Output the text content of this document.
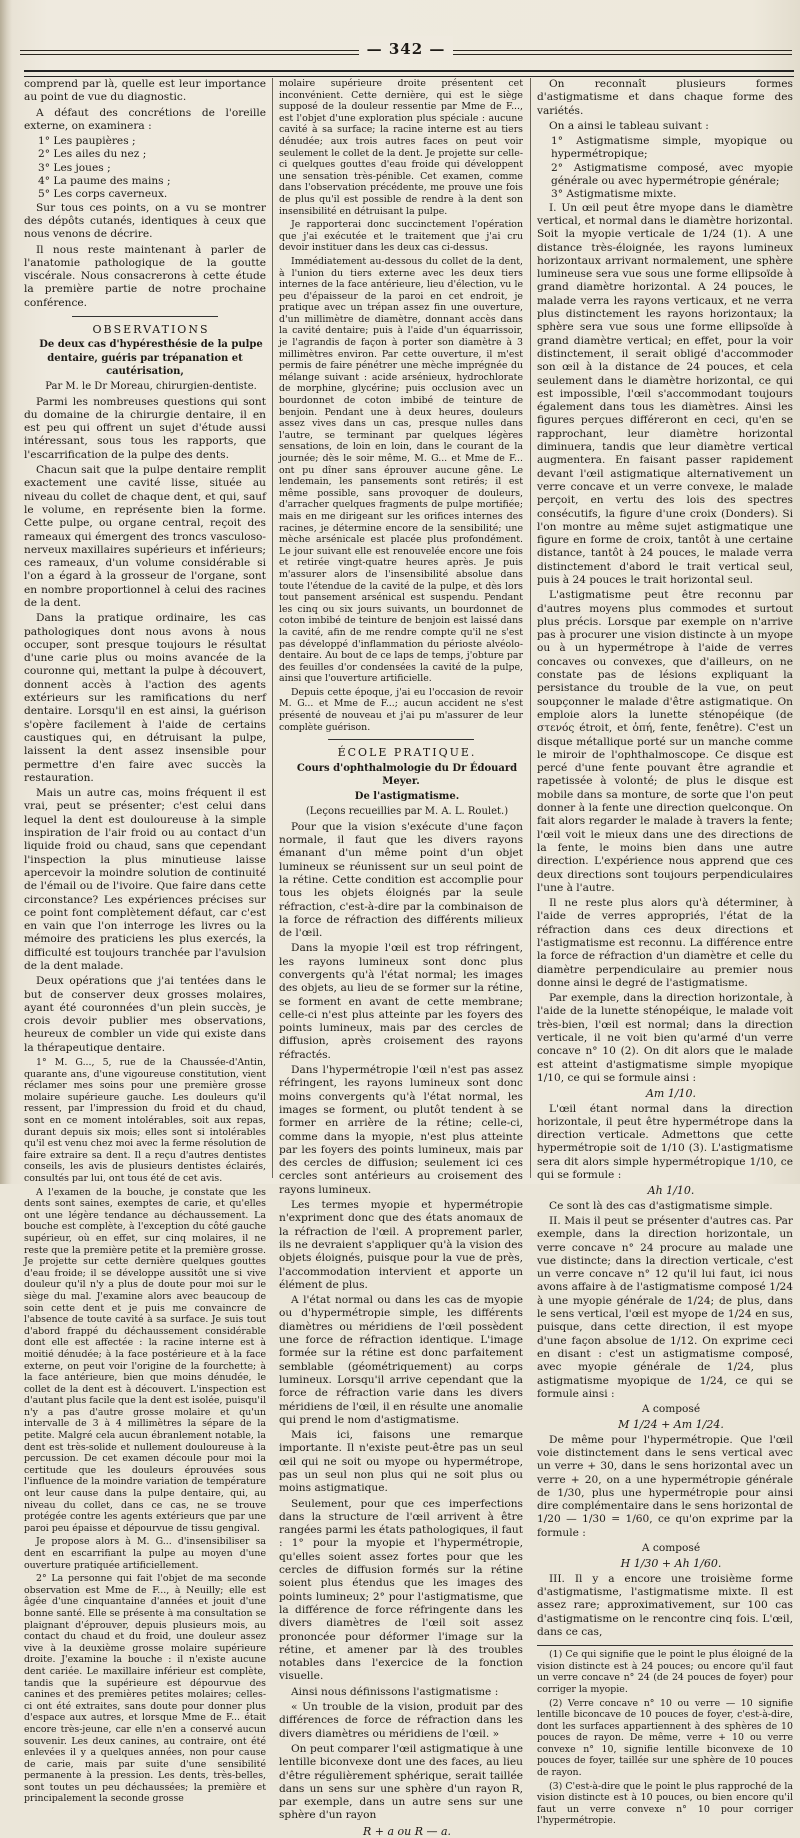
— 342 —

comprend par là, quelle est leur importance au point de vue du diagnostic.

A défaut des concrétions de l'oreille externe, on examinera :

1° Les paupières ;

2° Les ailes du nez ;

3° Les joues ;

4° La paume des mains ;

5° Les corps caverneux.

Sur tous ces points, on a vu se montrer des dépôts cutanés, identiques à ceux que nous venons de décrire.

Il nous reste maintenant à parler de l'anatomie pathologique de la goutte viscérale. Nous consacrerons à cette étude la première partie de notre prochaine conférence.

OBSERVATIONS

De deux cas d'hypéresthésie de la pulpe dentaire, guéris par trépanation et cautérisation,

Par M. le Dr Moreau, chirurgien-dentiste.

Parmi les nombreuses questions qui sont du domaine de la chirurgie dentaire, il en est peu qui offrent un sujet d'étude aussi intéressant, sous tous les rapports, que l'escarrification de la pulpe des dents.

Chacun sait que la pulpe dentaire remplit exactement une cavité lisse, située au niveau du collet de chaque dent, et qui, sauf le volume, en représente bien la forme. Cette pulpe, ou organe central, reçoit des rameaux qui émergent des troncs vasculoso-nerveux maxillaires supérieurs et inférieurs; ces rameaux, d'un volume considérable si l'on a égard à la grosseur de l'organe, sont en nombre proportionnel à celui des racines de la dent.

Dans la pratique ordinaire, les cas pathologiques dont nous avons à nous occuper, sont presque toujours le résultat d'une carie plus ou moins avancée de la couronne qui, mettant la pulpe à découvert, donnent accès à l'action des agents extérieurs sur les ramifications du nerf dentaire. Lorsqu'il en est ainsi, la guérison s'opère facilement à l'aide de certains caustiques qui, en détruisant la pulpe, laissent la dent assez insensible pour permettre d'en faire avec succès la restauration.

Mais un autre cas, moins fréquent il est vrai, peut se présenter; c'est celui dans lequel la dent est douloureuse à la simple inspiration de l'air froid ou au contact d'un liquide froid ou chaud, sans que cependant l'inspection la plus minutieuse laisse apercevoir la moindre solution de continuité de l'émail ou de l'ivoire. Que faire dans cette circonstance? Les expériences précises sur ce point font complètement défaut, car c'est en vain que l'on interroge les livres ou la mémoire des praticiens les plus exercés, la difficulté est toujours tranchée par l'avulsion de la dent malade.

Deux opérations que j'ai tentées dans le but de conserver deux grosses molaires, ayant été couronnées d'un plein succès, je crois devoir publier mes observations, heureux de combler un vide qui existe dans la thérapeutique dentaire.

1° M. G..., 5, rue de la Chaussée-d'Antin, quarante ans, d'une vigoureuse constitution, vient réclamer mes soins pour une première grosse molaire supérieure gauche. Les douleurs qu'il ressent, par l'impression du froid et du chaud, sont en ce moment intolérables, soit aux repas, durant depuis six mois; elles sont si intolérables qu'il est venu chez moi avec la ferme résolution de faire extraire sa dent. Il a reçu d'autres dentistes conseils, les avis de plusieurs dentistes éclairés, consultés par lui, ont tous été de cet avis.

A l'examen de la bouche, je constate que les dents sont saines, exemptes de carie, et qu'elles ont une légère tendance au déchaussement. La bouche est complète, à l'exception du côté gauche supérieur, où en effet, sur cinq molaires, il ne reste que la première petite et la première grosse. Je projette sur cette dernière quelques gouttes d'eau froide; il se développe aussitôt une si vive douleur qu'il n'y a plus de doute pour moi sur le siège du mal. J'examine alors avec beaucoup de soin cette dent et je puis me convaincre de l'absence de toute cavité à sa surface. Je suis tout d'abord frappé du déchaussement considérable dont elle est affectée : la racine interne est à moitié dénudée; à la face postérieure et à la face externe, on peut voir l'origine de la fourchette; à la face antérieure, bien que moins dénudée, le collet de la dent est à découvert. L'inspection est d'autant plus facile que la dent est isolée, puisqu'il n'y a pas d'autre grosse molaire et qu'un intervalle de 3 à 4 millimètres la sépare de la petite. Malgré cela aucun ébranlement notable, la dent est très-solide et nullement douloureuse à la percussion. De cet examen découle pour moi la certitude que les douleurs éprouvées sous l'influence de la moindre variation de température ont leur cause dans la pulpe dentaire, qui, au niveau du collet, dans ce cas, ne se trouve protégée contre les agents extérieurs que par une paroi peu épaisse et dépourvue de tissu gengival.

Je propose alors à M. G... d'insensibiliser sa dent en escarrifiant la pulpe au moyen d'une ouverture pratiquée artificiellement.

2° La personne qui fait l'objet de ma seconde observation est Mme de F..., à Neuilly; elle est âgée d'une cinquantaine d'années et jouit d'une bonne santé. Elle se présente à ma consultation se plaignant d'éprouver, depuis plusieurs mois, au contact du chaud et du froid, une douleur assez vive à la deuxième grosse molaire supérieure droite. J'examine la bouche : il n'existe aucune dent cariée. Le maxillaire inférieur est complète, tandis que la supérieure est dépourvue des canines et des premières petites molaires; celles-ci ont été extraites, sans doute pour donner plus d'espace aux autres, et lorsque Mme de F... était encore très-jeune, car elle n'en a conservé aucun souvenir. Les deux canines, au contraire, ont été enlevées il y a quelques années, non pour cause de carie, mais par suite d'une sensibilité permanente à la pression. Les dents, très-belles, sont toutes un peu déchaussées; la première et principalement la seconde grosse

molaire supérieure droite présentent cet inconvénient. Cette dernière, qui est le siège supposé de la douleur ressentie par Mme de F..., est l'objet d'une exploration plus spéciale : aucune cavité à sa surface; la racine interne est au tiers dénudée; aux trois autres faces on peut voir seulement le collet de la dent. Je projette sur celle-ci quelques gouttes d'eau froide qui développent une sensation très-pénible. Cet examen, comme dans l'observation précédente, me prouve une fois de plus qu'il est possible de rendre à la dent son insensibilité en détruisant la pulpe.

Je rapporterai donc succinctement l'opération que j'ai exécutée et le traitement que j'ai cru devoir instituer dans les deux cas ci-dessus.

Immédiatement au-dessous du collet de la dent, à l'union du tiers externe avec les deux tiers internes de la face antérieure, lieu d'élection, vu le peu d'épaisseur de la paroi en cet endroit, je pratique avec un trépan assez fin une ouverture, d'un millimètre de diamètre, donnant accès dans la cavité dentaire; puis à l'aide d'un équarrissoir, je l'agrandis de façon à porter son diamètre à 3 millimètres environ. Par cette ouverture, il m'est permis de faire pénétrer une mèche imprégnée du mélange suivant : acide arsénieux, hydrochlorate de morphine, glycérine; puis occlusion avec un bourdonnet de coton imbibé de teinture de benjoin. Pendant une à deux heures, douleurs assez vives dans un cas, presque nulles dans l'autre, se terminant par quelques légères sensations, de loin en loin, dans le courant de la journée; dès le soir même, M. G... et Mme de F... ont pu dîner sans éprouver aucune gêne. Le lendemain, les pansements sont retirés; il est même possible, sans provoquer de douleurs, d'arracher quelques fragments de pulpe mortifiée; mais en me dirigeant sur les orifices internes des racines, je détermine encore de la sensibilité; une mèche arsénicale est placée plus profondément. Le jour suivant elle est renouvelée encore une fois et retirée vingt-quatre heures après. Je puis m'assurer alors de l'insensibilité absolue dans toute l'étendue de la cavité de la pulpe, et dès lors tout pansement arsénical est suspendu. Pendant les cinq ou six jours suivants, un bourdonnet de coton imbibé de teinture de benjoin est laissé dans la cavité, afin de me rendre compte qu'il ne s'est pas développé d'inflammation du périoste alvéolo-dentaire. Au bout de ce laps de temps, j'obture par des feuilles d'or condensées la cavité de la pulpe, ainsi que l'ouverture artificielle.

Depuis cette époque, j'ai eu l'occasion de revoir M. G... et Mme de F...; aucun accident ne s'est présenté de nouveau et j'ai pu m'assurer de leur complète guérison.

ÉCOLE PRATIQUE.

Cours d'ophthalmologie du Dr Édouard Meyer.

De l'astigmatisme.

(Leçons recueillies par M. A. L. Roulet.)

Pour que la vision s'exécute d'une façon normale, il faut que les divers rayons émanant d'un même point d'un objet lumineux se réunissent sur un seul point de la rétine. Cette condition est accomplie pour tous les objets éloignés par la seule réfraction, c'est-à-dire par la combinaison de la force de réfraction des différents milieux de l'œil.

Dans la myopie l'œil est trop réfringent, les rayons lumineux sont donc plus convergents qu'à l'état normal; les images des objets, au lieu de se former sur la rétine, se forment en avant de cette membrane; celle-ci n'est plus atteinte par les foyers des points lumineux, mais par des cercles de diffusion, après croisement des rayons réfractés.

Dans l'hypermétropie l'œil n'est pas assez réfringent, les rayons lumineux sont donc moins convergents qu'à l'état normal, les images se forment, ou plutôt tendent à se former en arrière de la rétine; celle-ci, comme dans la myopie, n'est plus atteinte par les foyers des points lumineux, mais par des cercles de diffusion; seulement ici ces cercles sont antérieurs au croisement des rayons lumineux.

Les termes myopie et hypermétropie n'expriment donc que des états anomaux de la réfraction de l'œil. A proprement parler, ils ne devraient s'appliquer qu'à la vision des objets éloignés, puisque pour la vue de près, l'accommodation intervient et apporte un élément de plus.

A l'état normal ou dans les cas de myopie ou d'hypermétropie simple, les différents diamètres ou méridiens de l'œil possèdent une force de réfraction identique. L'image formée sur la rétine est donc parfaitement semblable (géométriquement) au corps lumineux. Lorsqu'il arrive cependant que la force de réfraction varie dans les divers méridiens de l'œil, il en résulte une anomalie qui prend le nom d'astigmatisme.

Mais ici, faisons une remarque importante. Il n'existe peut-être pas un seul œil qui ne soit ou myope ou hypermétrope, pas un seul non plus qui ne soit plus ou moins astigmatique.

Seulement, pour que ces imperfections dans la structure de l'œil arrivent à être rangées parmi les états pathologiques, il faut : 1° pour la myopie et l'hypermétropie, qu'elles soient assez fortes pour que les cercles de diffusion formés sur la rétine soient plus étendus que les images des points lumineux; 2° pour l'astigmatisme, que la différence de force réfringente dans les divers diamètres de l'œil soit assez prononcée pour déformer l'image sur la rétine, et amener par là des troubles notables dans l'exercice de la fonction visuelle.

Ainsi nous définissons l'astigmatisme :

« Un trouble de la vision, produit par des différences de force de réfraction dans les divers diamètres ou méridiens de l'œil. »

On peut comparer l'œil astigmatique à une lentille biconvexe dont une des faces, au lieu d'être régulièrement sphérique, serait taillée dans un sens sur une sphère d'un rayon R, par exemple, dans un autre sens sur une sphère d'un rayon

R + a ou R — a.

On reconnaît plusieurs formes d'astigmatisme et dans chaque forme des variétés.

On a ainsi le tableau suivant :

1° Astigmatisme simple, myopique ou hypermétropique;

2° Astigmatisme composé, avec myopie générale ou avec hypermétropie générale;

3° Astigmatisme mixte.

I. Un œil peut être myope dans le diamètre vertical, et normal dans le diamètre horizontal. Soit la myopie verticale de 1/24 (1). A une distance très-éloignée, les rayons lumineux horizontaux arrivant normalement, une sphère lumineuse sera vue sous une forme ellipsoïde à grand diamètre horizontal. A 24 pouces, le malade verra les rayons verticaux, et ne verra plus distinctement les rayons horizontaux; la sphère sera vue sous une forme ellipsoïde à grand diamètre vertical; en effet, pour la voir distinctement, il serait obligé d'accommoder son œil à la distance de 24 pouces, et cela seulement dans le diamètre horizontal, ce qui est impossible, l'œil s'accommodant toujours également dans tous les diamètres. Ainsi les figures perçues différeront en ceci, qu'en se rapprochant, leur diamètre horizontal diminuera, tandis que leur diamètre vertical augmentera. En faisant passer rapidement devant l'œil astigmatique alternativement un verre concave et un verre convexe, le malade perçoit, en vertu des lois des spectres consécutifs, la figure d'une croix (Donders). Si l'on montre au même sujet astigmatique une figure en forme de croix, tantôt à une certaine distance, tantôt à 24 pouces, le malade verra distinctement d'abord le trait vertical seul, puis à 24 pouces le trait horizontal seul.

L'astigmatisme peut être reconnu par d'autres moyens plus commodes et surtout plus précis. Lorsque par exemple on n'arrive pas à procurer une vision distincte à un myope ou à un hypermétrope à l'aide de verres concaves ou convexes, que d'ailleurs, on ne constate pas de lésions expliquant la persistance du trouble de la vue, on peut soupçonner le malade d'être astigmatique. On emploie alors la lunette sténopéique (de στενός étroit, et ὀπή, fente, fenêtre). C'est un disque métallique porté sur un manche comme le miroir de l'ophthalmoscope. Ce disque est percé d'une fente pouvant être agrandie et rapetissée à volonté; de plus le disque est mobile dans sa monture, de sorte que l'on peut donner à la fente une direction quelconque. On fait alors regarder le malade à travers la fente; l'œil voit le mieux dans une des directions de la fente, le moins bien dans une autre direction. L'expérience nous apprend que ces deux directions sont toujours perpendiculaires l'une à l'autre.

Il ne reste plus alors qu'à déterminer, à l'aide de verres appropriés, l'état de la réfraction dans ces deux directions et l'astigmatisme est reconnu. La différence entre la force de réfraction d'un diamètre et celle du diamètre perpendiculaire au premier nous donne ainsi le degré de l'astigmatisme.

Par exemple, dans la direction horizontale, à l'aide de la lunette sténopéique, le malade voit très-bien, l'œil est normal; dans la direction verticale, il ne voit bien qu'armé d'un verre concave n° 10 (2). On dit alors que le malade est atteint d'astigmatisme simple myopique 1/10, ce qui se formule ainsi :

Am 1/10.

L'œil étant normal dans la direction horizontale, il peut être hypermétrope dans la direction verticale. Admettons que cette hypermétropie soit de 1/10 (3). L'astigmatisme sera dit alors simple hypermétropique 1/10, ce qui se formule :

Ah 1/10.

Ce sont là des cas d'astigmatisme simple.

II. Mais il peut se présenter d'autres cas. Par exemple, dans la direction horizontale, un verre concave n° 24 procure au malade une vue distincte; dans la direction verticale, c'est un verre concave n° 12 qu'il lui faut, ici nous avons affaire à de l'astigmatisme composé 1/24 à une myopie générale de 1/24; de plus, dans le sens vertical, l'œil est myope de 1/24 en sus, puisque, dans cette direction, il est myope d'une façon absolue de 1/12. On exprime ceci en disant : c'est un astigmatisme composé, avec myopie générale de 1/24, plus astigmatisme myopique de 1/24, ce qui se formule ainsi :

A composé

M 1/24 + Am 1/24.

De même pour l'hypermétropie. Que l'œil voie distinctement dans le sens vertical avec un verre + 30, dans le sens horizontal avec un verre + 20, on a une hypermétropie générale de 1/30, plus une hypermétropie pour ainsi dire complémentaire dans le sens horizontal de 1/20 — 1/30 = 1/60, ce qu'on exprime par la formule :

A composé

H 1/30 + Ah 1/60.

III. Il y a encore une troisième forme d'astigmatisme, l'astigmatisme mixte. Il est assez rare; approximativement, sur 100 cas d'astigmatisme on le rencontre cinq fois. L'œil, dans ce cas,

(1) Ce qui signifie que le point le plus éloigné de la vision distincte est à 24 pouces; ou encore qu'il faut un verre concave n° 24 (de 24 pouces de foyer) pour corriger la myopie.

(2) Verre concave n° 10 ou verre — 10 signifie lentille biconcave de 10 pouces de foyer, c'est-à-dire, dont les surfaces appartiennent à des sphères de 10 pouces de rayon. De même, verre + 10 ou verre convexe n° 10, signifie lentille biconvexe de 10 pouces de foyer, taillée sur une sphère de 10 pouces de rayon.

(3) C'est-à-dire que le point le plus rapproché de la vision distincte est à 10 pouces, ou bien encore qu'il faut un verre convexe n° 10 pour corriger l'hypermétropie.
